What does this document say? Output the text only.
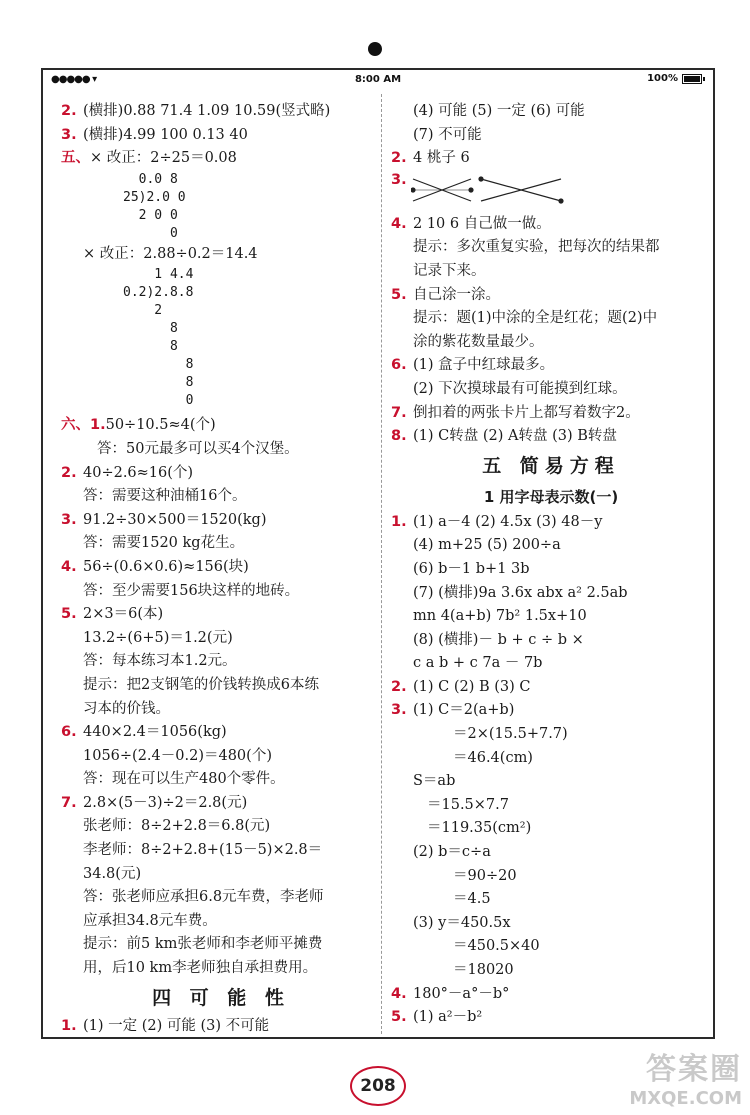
●●●●● ▾	8:00 AM	100%
2. (横排)0.88 71.4 1.09 10.59(竖式略)
3. (横排)4.99 100 0.13 40
五、× 改正：2÷25＝0.08
0.0 8
25)2.0 0
2 0 0
0
× 改正：2.88÷0.2＝14.4
1 4.4
0.2)2.8.8
2
8
8
8
8
0
六、1.50÷10.5≈4(个)
答：50元最多可以买4个汉堡。
2. 40÷2.6≈16(个)
答：需要这种油桶16个。
3. 91.2÷30×500＝1520(kg)
答：需要1520 kg花生。
4. 56÷(0.6×0.6)≈156(块)
答：至少需要156块这样的地砖。
5. 2×3＝6(本)
13.2÷(6+5)＝1.2(元)
答：每本练习本1.2元。
提示：把2支钢笔的价钱转换成6本练
习本的价钱。
6. 440×2.4＝1056(kg)
1056÷(2.4－0.2)＝480(个)
答：现在可以生产480个零件。
7. 2.8×(5－3)÷2＝2.8(元)
张老师：8÷2+2.8＝6.8(元)
李老师：8÷2+2.8+(15－5)×2.8＝
34.8(元)
答：张老师应承担6.8元车费，李老师
应承担34.8元车费。
提示：前5 km张老师和李老师平摊费
用，后10 km李老师独自承担费用。
四 可 能 性
1. (1) 一定 (2) 可能 (3) 不可能
(4) 可能 (5) 一定 (6) 可能
(7) 不可能
2. 4 桃子 6
3.
4. 2 10 6 自己做一做。
提示：多次重复实验，把每次的结果都
记录下来。
5. 自己涂一涂。
提示：题(1)中涂的全是红花；题(2)中
涂的紫花数量最少。
6. (1) 盒子中红球最多。
(2) 下次摸球最有可能摸到红球。
7. 倒扣着的两张卡片上都写着数字2。
8. (1) C转盘 (2) A转盘 (3) B转盘
五 简易方程
1 用字母表示数(一)
1. (1) a－4 (2) 4.5x (3) 48－y
(4) m+25 (5) 200÷a
(6) b－1 b+1 3b
(7) (横排)9a 3.6x abx a² 2.5ab
mn 4(a+b) 7b² 1.5x+10
(8) (横排)－ b + c ÷ b ×
c a b + c 7a － 7b
2. (1) C (2) B (3) C
3. (1) C＝2(a+b)
＝2×(15.5+7.7)
＝46.4(cm)
S＝ab
＝15.5×7.7
＝119.35(cm²)
(2) b＝c÷a
＝90÷20
＝4.5
(3) y＝450.5x
＝450.5×40
＝18020
4. 180°－a°－b°
5. (1) a²－b²
208	答案圈
MXQE.COM
